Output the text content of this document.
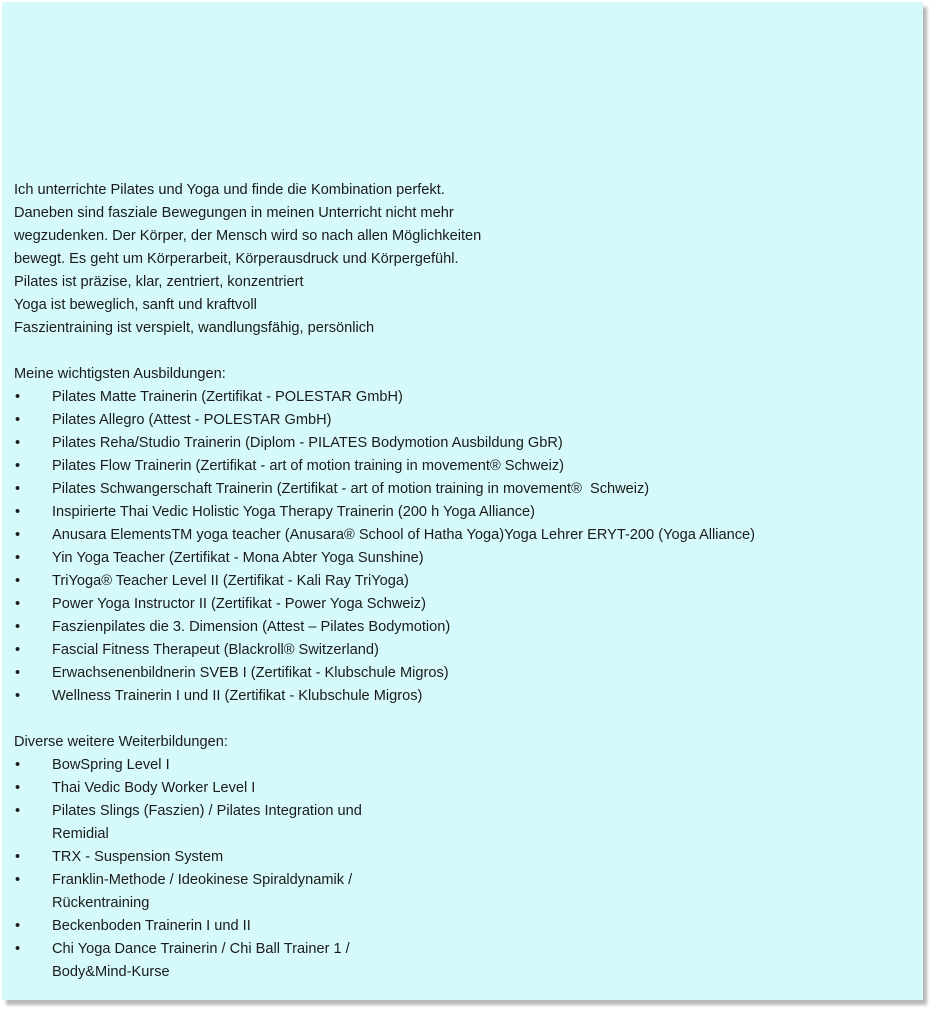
Ich unterrichte Pilates und Yoga und finde die Kombination perfekt.
Daneben sind fasziale Bewegungen in meinen Unterricht nicht mehr
wegzudenken. Der Körper, der Mensch wird so nach allen Möglichkeiten
bewegt. Es geht um Körperarbeit, Körperausdruck und Körpergefühl.
Pilates ist präzise, klar, zentriert, konzentriert
Yoga ist beweglich, sanft und kraftvoll
Faszientraining ist verspielt, wandlungsfähig, persönlich
Meine wichtigsten Ausbildungen:
•	Pilates Matte Trainerin (Zertifikat - POLESTAR GmbH)
•	Pilates Allegro (Attest - POLESTAR GmbH)
•	Pilates Reha/Studio Trainerin (Diplom - PILATES Bodymotion Ausbildung GbR)
•	Pilates Flow Trainerin (Zertifikat - art of motion training in movement® Schweiz)
•	Pilates Schwangerschaft Trainerin (Zertifikat - art of motion training in movement®  Schweiz)
•	Inspirierte Thai Vedic Holistic Yoga Therapy Trainerin (200 h Yoga Alliance)
•	Anusara ElementsTM yoga teacher (Anusara® School of Hatha Yoga)Yoga Lehrer ERYT-200 (Yoga Alliance)
•	Yin Yoga Teacher (Zertifikat - Mona Abter Yoga Sunshine)
•	TriYoga® Teacher Level II (Zertifikat - Kali Ray TriYoga)
•	Power Yoga Instructor II (Zertifikat - Power Yoga Schweiz)
•	Faszienpilates die 3. Dimension (Attest – Pilates Bodymotion)
•	Fascial Fitness Therapeut (Blackroll® Switzerland)
•	Erwachsenenbildnerin SVEB I (Zertifikat - Klubschule Migros)
•	Wellness Trainerin I und II (Zertifikat - Klubschule Migros)
Diverse weitere Weiterbildungen:
•	BowSpring Level I
•	Thai Vedic Body Worker Level I
•	Pilates Slings (Faszien) / Pilates Integration und
Remidial
•	TRX - Suspension System
•	Franklin-Methode / Ideokinese Spiraldynamik /
Rückentraining
•	Beckenboden Trainerin I und II
•	Chi Yoga Dance Trainerin / Chi Ball Trainer 1 /
Body&Mind-Kurse
